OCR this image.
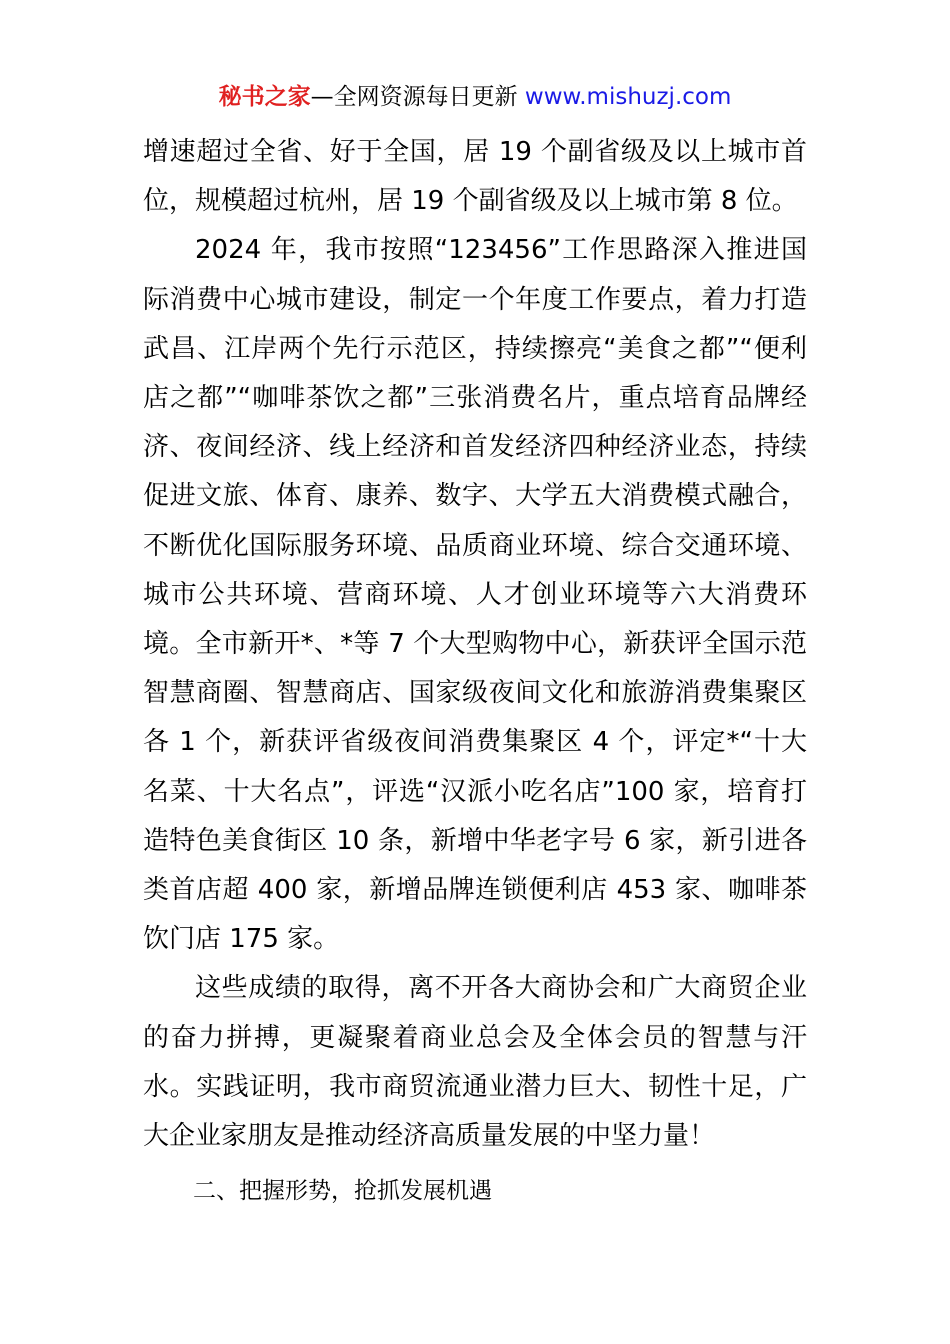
秘书之家—全网资源每日更新 www.mishuzj.com

增速超过全省、好于全国，居 19 个副省级及以上城市首位，规模超过杭州，居 19 个副省级及以上城市第 8 位。

2024 年，我市按照“123456”工作思路深入推进国际消费中心城市建设，制定一个年度工作要点，着力打造武昌、江岸两个先行示范区，持续擦亮“美食之都”“便利店之都”“咖啡茶饮之都”三张消费名片，重点培育品牌经济、夜间经济、线上经济和首发经济四种经济业态，持续促进文旅、体育、康养、数字、大学五大消费模式融合，不断优化国际服务环境、品质商业环境、综合交通环境、城市公共环境、营商环境、人才创业环境等六大消费环境。全市新开*、*等 7 个大型购物中心，新获评全国示范智慧商圈、智慧商店、国家级夜间文化和旅游消费集聚区各 1 个，新获评省级夜间消费集聚区 4 个，评定*“十大名菜、十大名点”，评选“汉派小吃名店”100 家，培育打造特色美食街区 10 条，新增中华老字号 6 家，新引进各类首店超 400 家，新增品牌连锁便利店 453 家、咖啡茶饮门店 175 家。

这些成绩的取得，离不开各大商协会和广大商贸企业的奋力拼搏，更凝聚着商业总会及全体会员的智慧与汗水。实践证明，我市商贸流通业潜力巨大、韧性十足，广大企业家朋友是推动经济高质量发展的中坚力量！

二、把握形势，抢抓发展机遇
